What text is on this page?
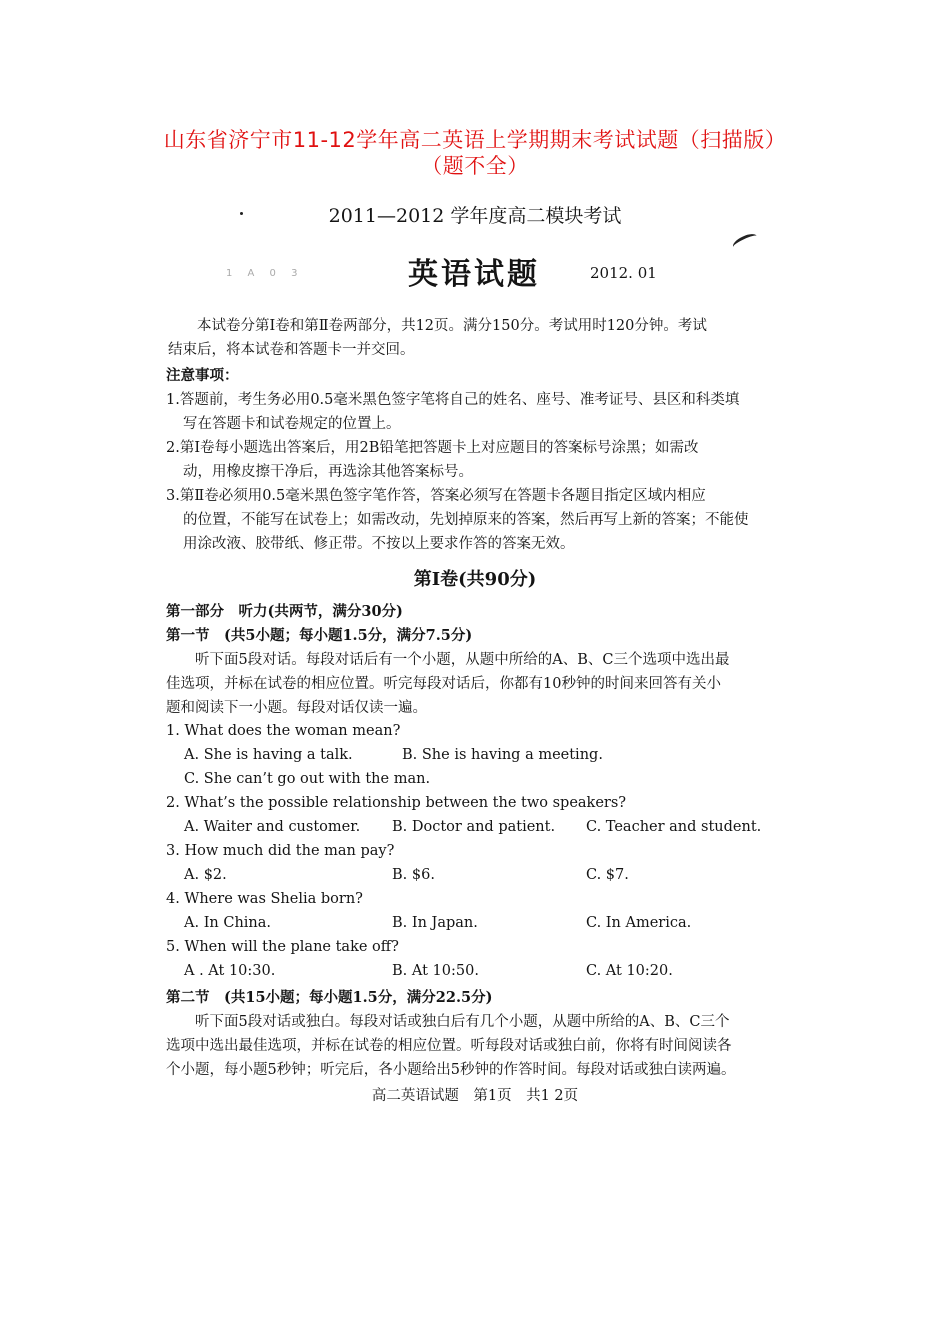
山东省济宁市11-12学年高二英语上学期期末考试试题（扫描版）
（题不全）
2011—2012 学年度高二模块考试
1 A 0 3	英语试题	2012. 01

本试卷分第Ⅰ卷和第Ⅱ卷两部分，共12页。满分150分。考试用时120分钟。考试

结束后，将本试卷和答题卡一并交回。

注意事项：

1.答题前，考生务必用0.5毫米黑色签字笔将自己的姓名、座号、准考证号、县区和科类填

写在答题卡和试卷规定的位置上。

2.第Ⅰ卷每小题选出答案后，用2B铅笔把答题卡上对应题目的答案标号涂黑；如需改

动，用橡皮擦干净后，再选涂其他答案标号。

3.第Ⅱ卷必须用0.5毫米黑色签字笔作答，答案必须写在答题卡各题目指定区域内相应

的位置，不能写在试卷上；如需改动，先划掉原来的答案，然后再写上新的答案；不能使

用涂改液、胶带纸、修正带。不按以上要求作答的答案无效。

第Ⅰ卷(共90分)

第一部分　听力(共两节，满分30分)

第一节　(共5小题；每小题1.5分，满分7.5分)

听下面5段对话。每段对话后有一个小题，从题中所给的A、B、C三个选项中选出最

佳选项，并标在试卷的相应位置。听完每段对话后，你都有10秒钟的时间来回答有关小

题和阅读下一小题。每段对话仅读一遍。

1. What does the woman mean?
A. She is having a talk.	B. She is having a meeting.
C. She can’t go out with the man.
2. What’s the possible relationship between the two speakers?
A. Waiter and customer. B. Doctor and patient. C. Teacher and student.
3. How much did the man pay?
A. $2.	B. $6.	C. $7.
4. Where was Shelia born?
A. In China.	B. In Japan.	C. In America.
5. When will the plane take off?
A . At 10:30.	B. At 10:50.	C. At 10:20.

第二节　(共15小题；每小题1.5分，满分22.5分)

听下面5段对话或独白。每段对话或独白后有几个小题，从题中所给的A、B、C三个

选项中选出最佳选项，并标在试卷的相应位置。听每段对话或独白前，你将有时间阅读各

个小题，每小题5秒钟；听完后，各小题给出5秒钟的作答时间。每段对话或独白读两遍。

高二英语试题　第1页　共1 2页
